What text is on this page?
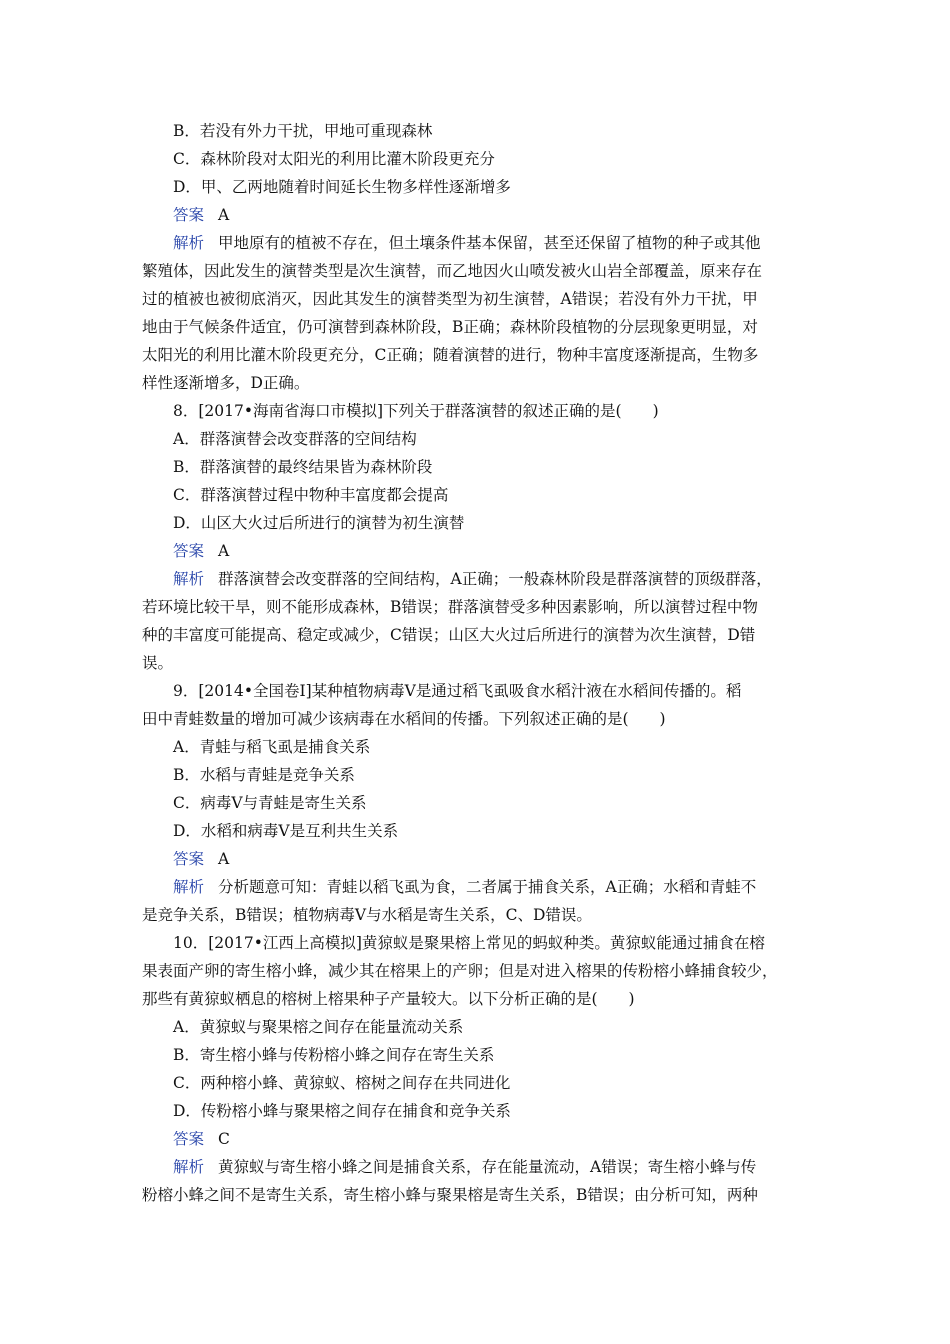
B．若没有外力干扰，甲地可重现森林
C．森林阶段对太阳光的利用比灌木阶段更充分
D．甲、乙两地随着时间延长生物多样性逐渐增多
答案 A
解析 甲地原有的植被不存在，但土壤条件基本保留，甚至还保留了植物的种子或其他
繁殖体，因此发生的演替类型是次生演替，而乙地因火山喷发被火山岩全部覆盖，原来存在
过的植被也被彻底消灭，因此其发生的演替类型为初生演替，A错误；若没有外力干扰，甲
地由于气候条件适宜，仍可演替到森林阶段，B正确；森林阶段植物的分层现象更明显，对
太阳光的利用比灌木阶段更充分，C正确；随着演替的进行，物种丰富度逐渐提高，生物多
样性逐渐增多，D正确。
8．[2017•海南省海口市模拟]下列关于群落演替的叙述正确的是(　　)
A．群落演替会改变群落的空间结构
B．群落演替的最终结果皆为森林阶段
C．群落演替过程中物种丰富度都会提高
D．山区大火过后所进行的演替为初生演替
答案 A
解析 群落演替会改变群落的空间结构，A正确；一般森林阶段是群落演替的顶级群落，
若环境比较干旱，则不能形成森林，B错误；群落演替受多种因素影响，所以演替过程中物
种的丰富度可能提高、稳定或减少，C错误；山区大火过后所进行的演替为次生演替，D错
误。
9．[2014•全国卷Ⅰ]某种植物病毒V是通过稻飞虱吸食水稻汁液在水稻间传播的。稻
田中青蛙数量的增加可减少该病毒在水稻间的传播。下列叙述正确的是(　　)
A．青蛙与稻飞虱是捕食关系
B．水稻与青蛙是竞争关系
C．病毒V与青蛙是寄生关系
D．水稻和病毒V是互利共生关系
答案 A
解析 分析题意可知：青蛙以稻飞虱为食，二者属于捕食关系，A正确；水稻和青蛙不
是竞争关系，B错误；植物病毒V与水稻是寄生关系，C、D错误。
10．[2017•江西上高模拟]黄猄蚁是聚果榕上常见的蚂蚁种类。黄猄蚁能通过捕食在榕
果表面产卵的寄生榕小蜂，减少其在榕果上的产卵；但是对进入榕果的传粉榕小蜂捕食较少，
那些有黄猄蚁栖息的榕树上榕果种子产量较大。以下分析正确的是(　　)
A．黄猄蚁与聚果榕之间存在能量流动关系
B．寄生榕小蜂与传粉榕小蜂之间存在寄生关系
C．两种榕小蜂、黄猄蚁、榕树之间存在共同进化
D．传粉榕小蜂与聚果榕之间存在捕食和竞争关系
答案 C
解析 黄猄蚁与寄生榕小蜂之间是捕食关系，存在能量流动，A错误；寄生榕小蜂与传
粉榕小蜂之间不是寄生关系，寄生榕小蜂与聚果榕是寄生关系，B错误；由分析可知，两种
